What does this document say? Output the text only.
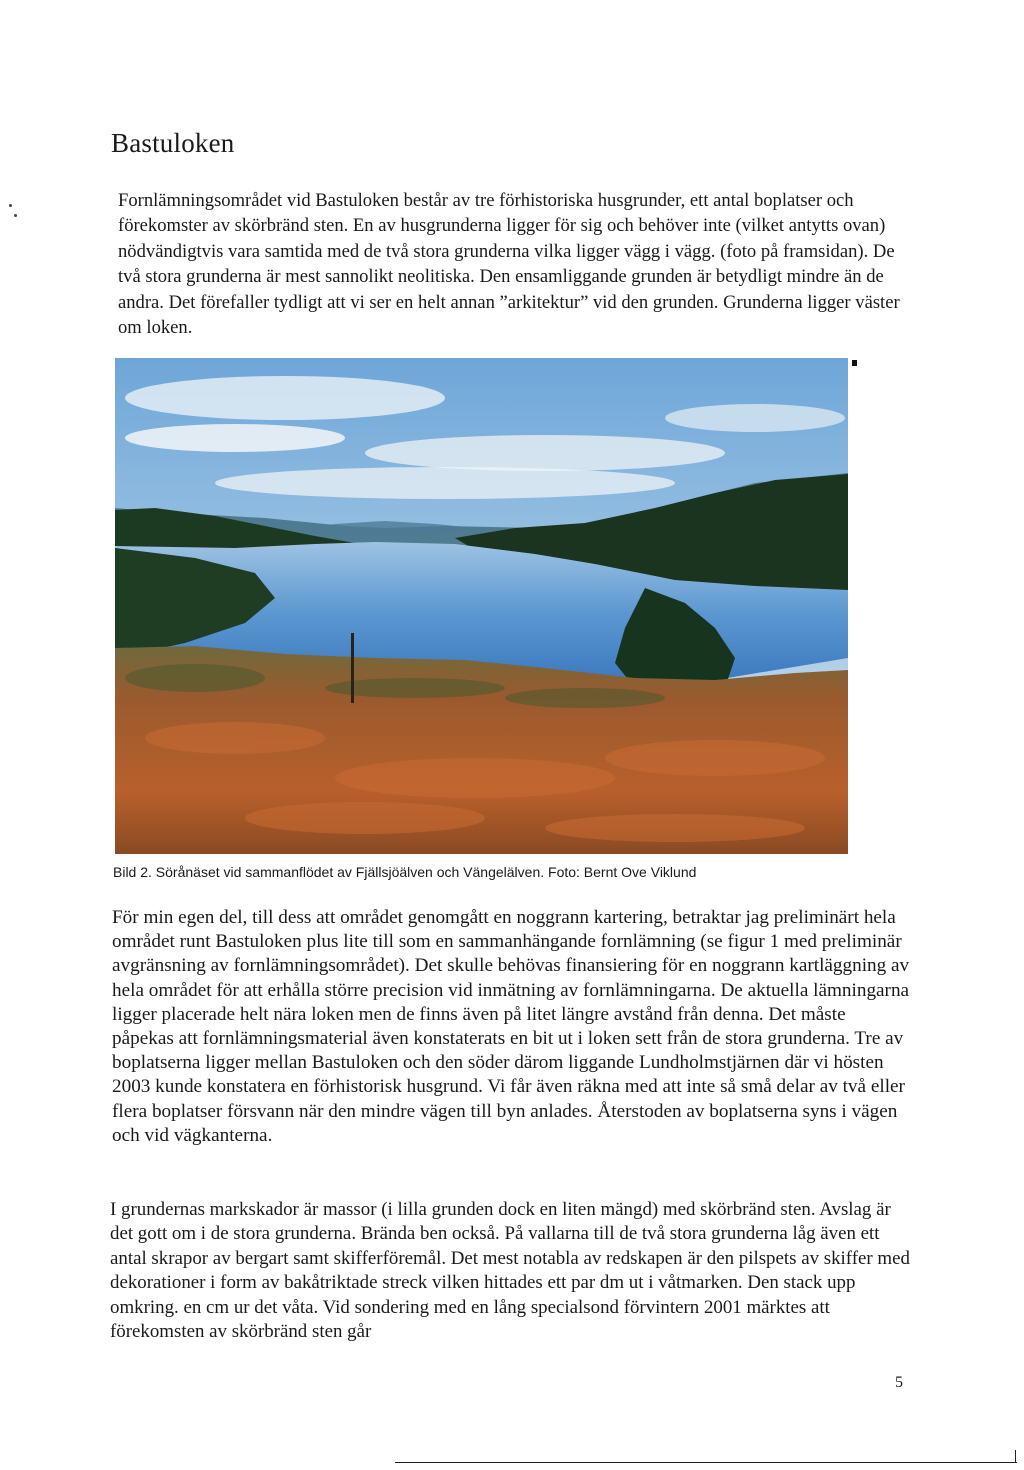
Bastuloken

Fornlämningsområdet vid Bastuloken består av tre förhistoriska husgrunder, ett antal boplatser och förekomster av skörbränd sten. En av husgrunderna ligger för sig och behöver inte (vilket antytts ovan) nödvändigtvis vara samtida med de två stora grunderna vilka ligger vägg i vägg. (foto på framsidan). De två stora grunderna är mest sannolikt neolitiska. Den ensamliggande grunden är betydligt mindre än de andra. Det förefaller tydligt att vi ser en helt annan ”arkitektur” vid den grunden. Grunderna ligger väster om loken.

Bild 2. Sörånäset vid sammanflödet av Fjällsjöälven och Vängelälven. Foto: Bernt Ove Viklund

För min egen del, till dess att området genomgått en noggrann kartering, betraktar jag preliminärt hela området runt Bastuloken plus lite till som en sammanhängande fornlämning (se figur 1 med preliminär avgränsning av fornlämningsområdet). Det skulle behövas finansiering för en noggrann kartläggning av hela området för att erhålla större precision vid inmätning av fornlämningarna. De aktuella lämningarna ligger placerade helt nära loken men de finns även på litet längre avstånd från denna. Det måste påpekas att fornlämningsmaterial även konstaterats en bit ut i loken sett från de stora grunderna. Tre av boplatserna ligger mellan Bastuloken och den söder därom liggande Lundholmstjärnen där vi hösten 2003 kunde konstatera en förhistorisk husgrund. Vi får även räkna med att inte så små delar av två eller flera boplatser försvann när den mindre vägen till byn anlades. Återstoden av boplatserna syns i vägen och vid vägkanterna.

I grundernas markskador är massor (i lilla grunden dock en liten mängd) med skörbränd sten. Avslag är det gott om i de stora grunderna. Brända ben också. På vallarna till de två stora grunderna låg även ett antal skrapor av bergart samt skifferföremål. Det mest notabla av redskapen är den pilspets av skiffer med dekorationer i form av bakåtriktade streck vilken hittades ett par dm ut i våtmarken. Den stack upp omkring. en cm ur det våta. Vid sondering med en lång specialsond förvintern 2001 märktes att förekomsten av skörbränd sten går

5
